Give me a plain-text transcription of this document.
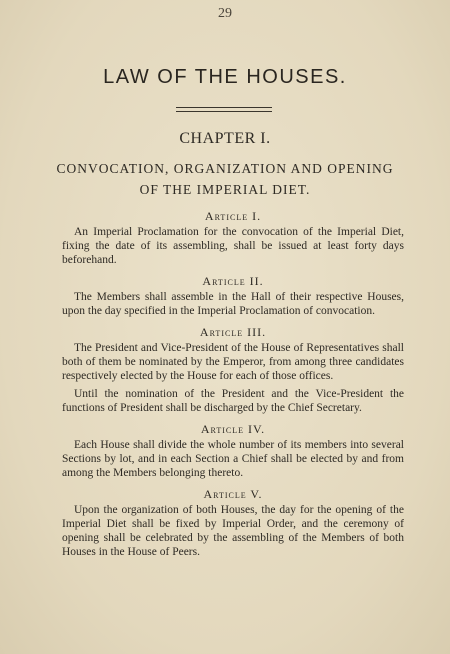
29
LAW OF THE HOUSES.
CHAPTER I.
CONVOCATION, ORGANIZATION AND OPENING
OF THE IMPERIAL DIET.

Article I.

An Imperial Proclamation for the convocation of the Imperial Diet, fixing the date of its assembling, shall be issued at least forty days beforehand.

Article II.

The Members shall assemble in the Hall of their respective Houses, upon the day specified in the Imperial Proclamation of convocation.

Article III.

The President and Vice-President of the House of Representatives shall both of them be nominated by the Emperor, from among three candidates respectively elected by the House for each of those offices.

Until the nomination of the President and the Vice-President the functions of President shall be discharged by the Chief Secretary.

Article IV.

Each House shall divide the whole number of its members into several Sections by lot, and in each Section a Chief shall be elected by and from among the Members belonging thereto.

Article V.

Upon the organization of both Houses, the day for the opening of the Imperial Diet shall be fixed by Imperial Order, and the ceremony of opening shall be celebrated by the assembling of the Members of both Houses in the House of Peers.
